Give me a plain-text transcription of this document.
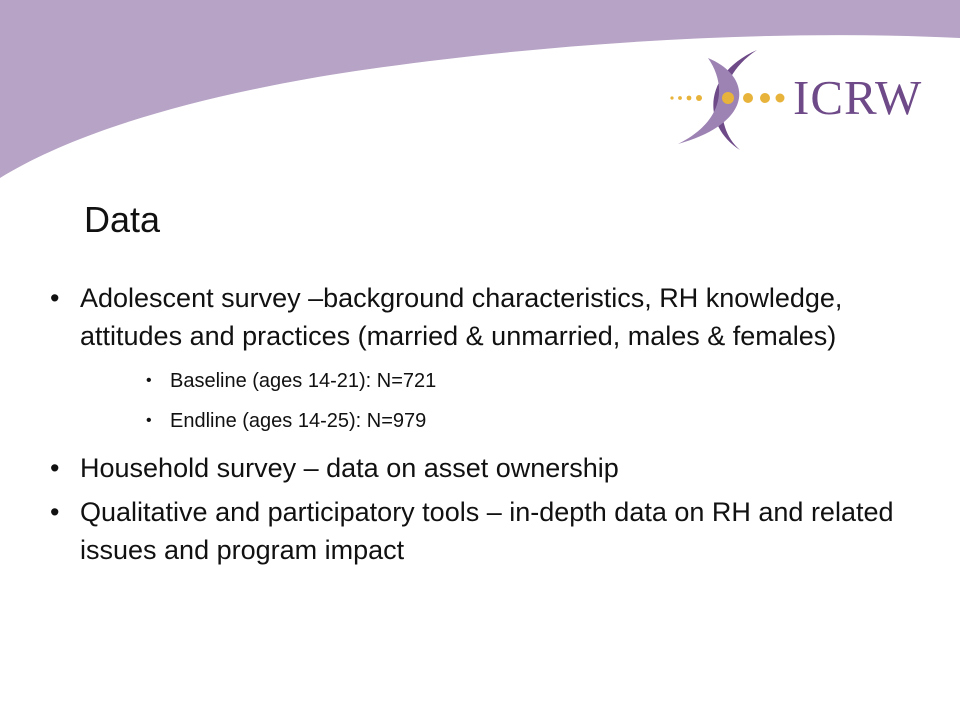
ICRW
Data
• Adolescent survey –background characteristics, RH knowledge, attitudes and practices (married & unmarried, males & females)
• Baseline (ages 14-21): N=721
• Endline (ages 14-25): N=979
• Household survey – data on asset ownership
• Qualitative and participatory tools – in-depth data on RH and related issues and program impact
